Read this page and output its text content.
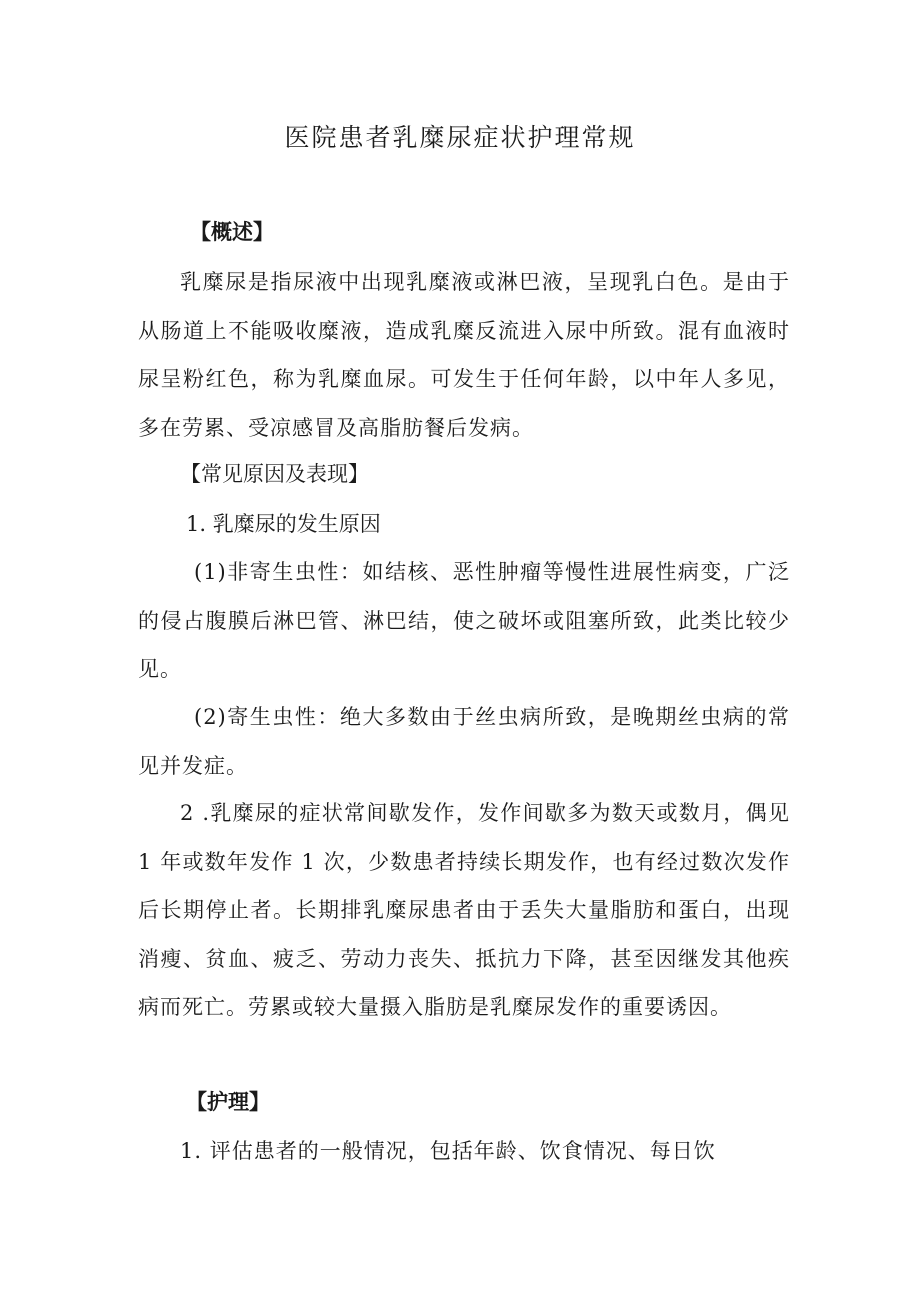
医院患者乳糜尿症状护理常规
【概述】

乳糜尿是指尿液中出现乳糜液或淋巴液，呈现乳白色。是由于从肠道上不能吸收糜液，造成乳糜反流进入尿中所致。混有血液时尿呈粉红色，称为乳糜血尿。可发生于任何年龄，以中年人多见，多在劳累、受凉感冒及高脂肪餐后发病。

【常见原因及表现】
1. 乳糜尿的发生原因

(1)非寄生虫性：如结核、恶性肿瘤等慢性进展性病变，广泛的侵占腹膜后淋巴管、淋巴结，使之破坏或阻塞所致，此类比较少见。

(2)寄生虫性：绝大多数由于丝虫病所致，是晚期丝虫病的常见并发症。

2 .乳糜尿的症状常间歇发作，发作间歇多为数天或数月，偶见 1 年或数年发作 1 次，少数患者持续长期发作，也有经过数次发作后长期停止者。长期排乳糜尿患者由于丢失大量脂肪和蛋白，出现消瘦、贫血、疲乏、劳动力丧失、抵抗力下降，甚至因继发其他疾病而死亡。劳累或较大量摄入脂肪是乳糜尿发作的重要诱因。

【护理】

1. 评估患者的一般情况，包括年龄、饮食情况、每日饮
